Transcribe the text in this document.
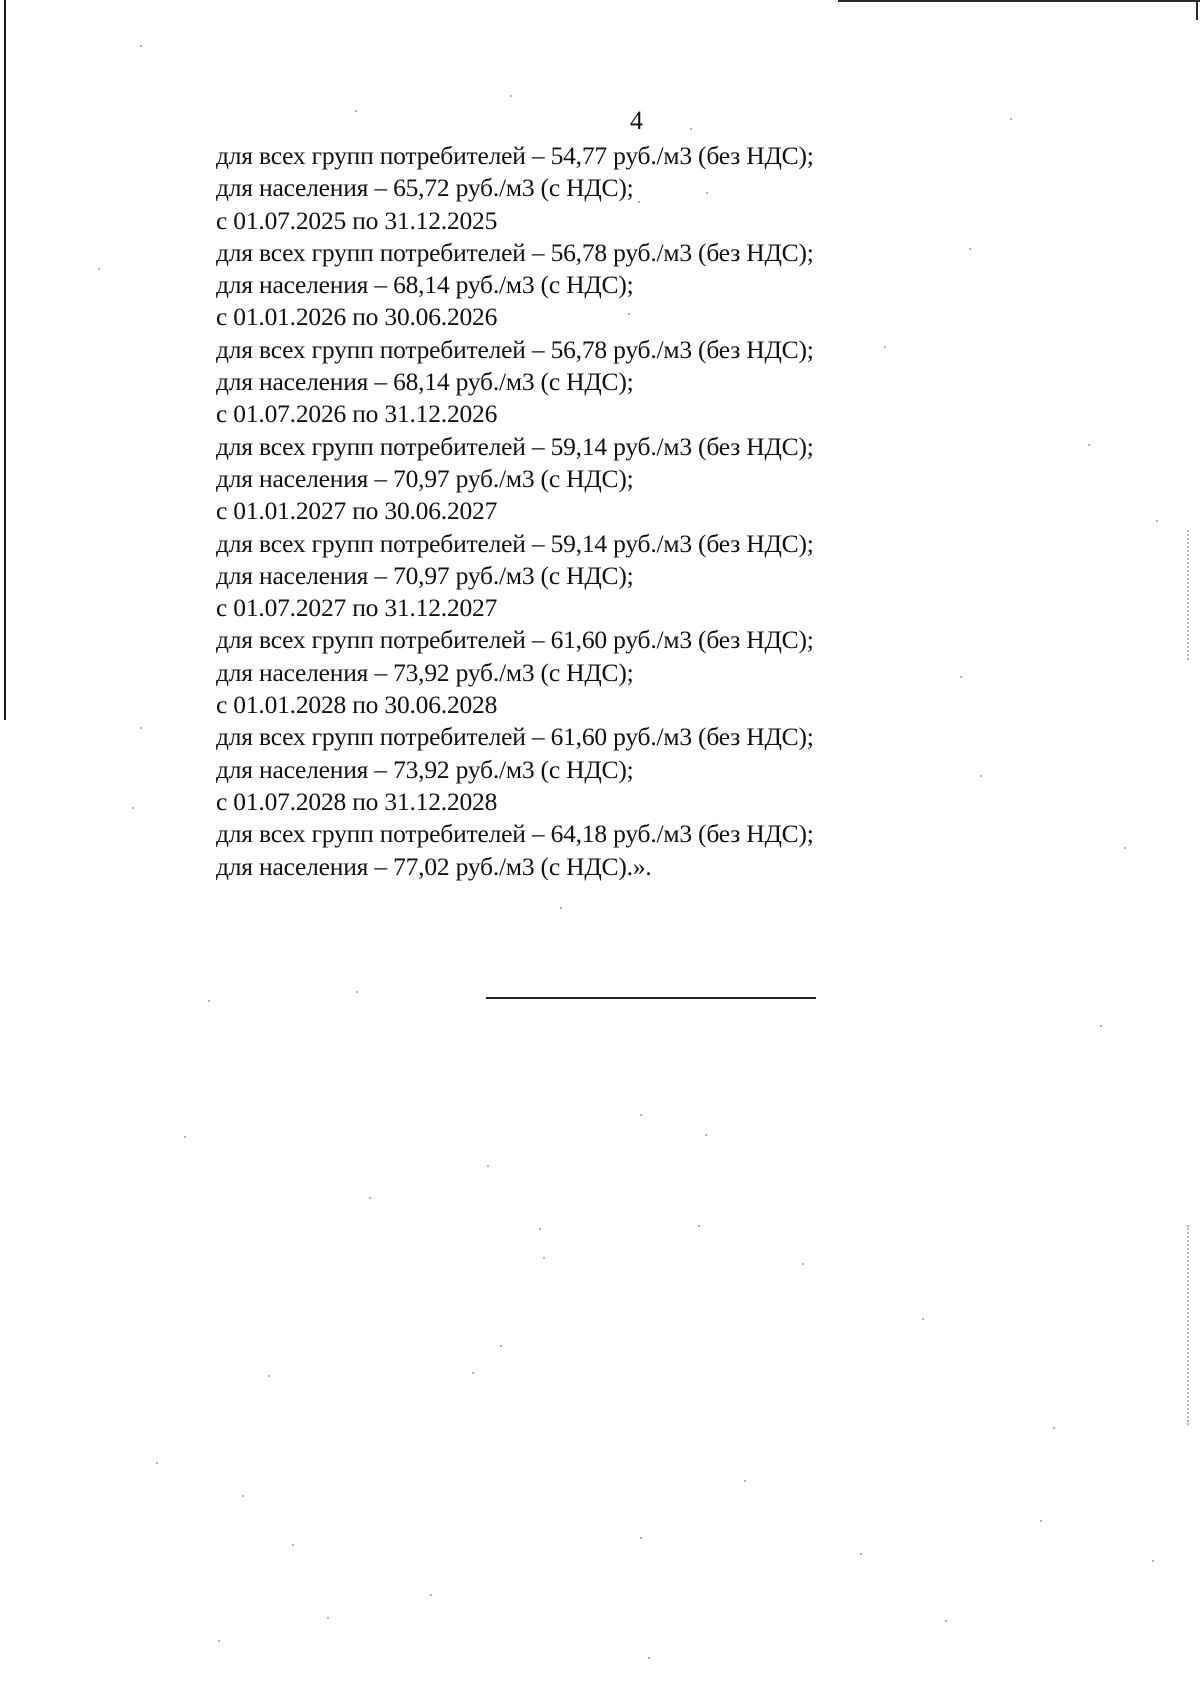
4
для всех групп потребителей – 54,77 руб./м3 (без НДС);
для населения – 65,72 руб./м3 (с НДС);
с 01.07.2025 по 31.12.2025
для всех групп потребителей – 56,78 руб./м3 (без НДС);
для населения – 68,14 руб./м3 (с НДС);
с 01.01.2026 по 30.06.2026
для всех групп потребителей – 56,78 руб./м3 (без НДС);
для населения – 68,14 руб./м3 (с НДС);
с 01.07.2026 по 31.12.2026
для всех групп потребителей – 59,14 руб./м3 (без НДС);
для населения – 70,97 руб./м3 (с НДС);
с 01.01.2027 по 30.06.2027
для всех групп потребителей – 59,14 руб./м3 (без НДС);
для населения – 70,97 руб./м3 (с НДС);
с 01.07.2027 по 31.12.2027
для всех групп потребителей – 61,60 руб./м3 (без НДС);
для населения – 73,92 руб./м3 (с НДС);
с 01.01.2028 по 30.06.2028
для всех групп потребителей – 61,60 руб./м3 (без НДС);
для населения – 73,92 руб./м3 (с НДС);
с 01.07.2028 по 31.12.2028
для всех групп потребителей – 64,18 руб./м3 (без НДС);
для населения – 77,02 руб./м3 (с НДС).».
